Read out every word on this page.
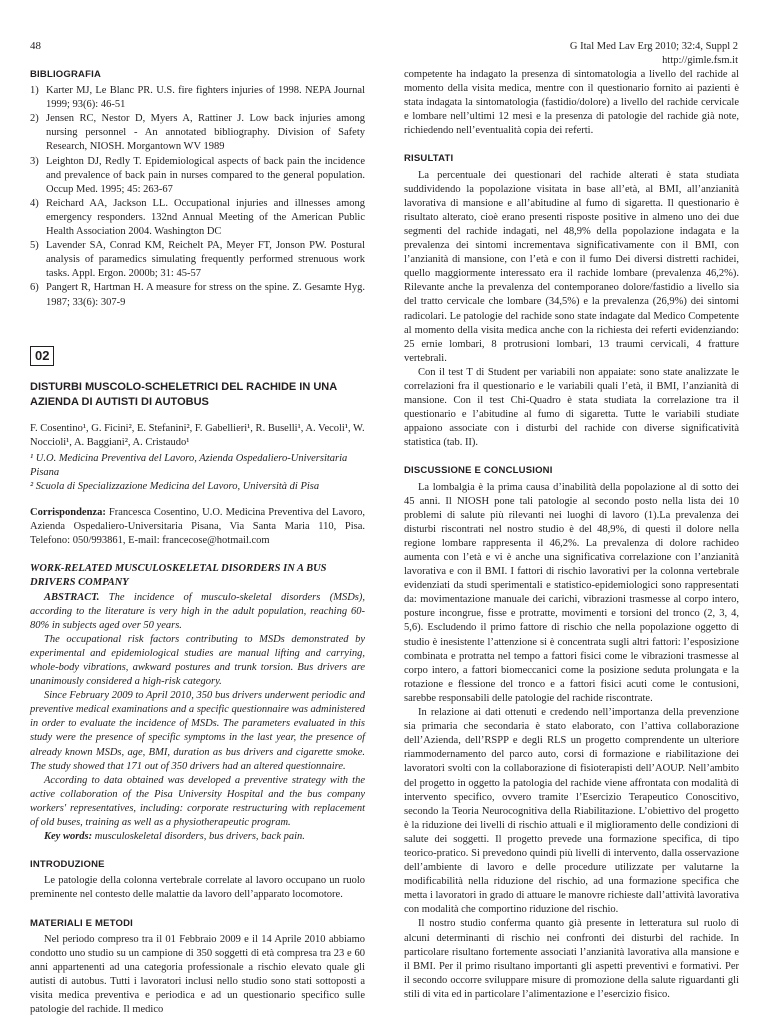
48	G Ital Med Lav Erg 2010; 32:4, Suppl 2
http://gimle.fsm.it
BIBLIOGRAFIA
1) Karter MJ, Le Blanc PR. U.S. fire fighters injuries of 1998. NEPA Journal 1999; 93(6): 46-51
2) Jensen RC, Nestor D, Myers A, Rattiner J. Low back injuries among nursing personnel - An annotated bibliography. Division of Safety Research, NIOSH. Morgantown WV 1989
3) Leighton DJ, Redly T. Epidemiological aspects of back pain the incidence and prevalence of back pain in nurses compared to the general population. Occup Med. 1995; 45: 263-67
4) Reichard AA, Jackson LL. Occupational injuries and illnesses among emergency responders. 132nd Annual Meeting of the American Public Health Association 2004. Washington DC
5) Lavender SA, Conrad KM, Reichelt PA, Meyer FT, Jonson PW. Postural analysis of paramedics simulating frequently performed strenuous work tasks. Appl. Ergon. 2000b; 31: 45-57
6) Pangert R, Hartman H. A measure for stress on the spine. Z. Gesamte Hyg. 1987; 33(6): 307-9
02
DISTURBI MUSCOLO-SCHELETRICI DEL RACHIDE IN UNA AZIENDA DI AUTISTI DI AUTOBUS
F. Cosentino¹, G. Ficini², E. Stefanini², F. Gabellieri¹, R. Buselli¹, A. Vecoli¹, W. Noccioli¹, A. Baggiani², A. Cristaudo¹
¹ U.O. Medicina Preventiva del Lavoro, Azienda Ospedaliero-Universitaria Pisana
² Scuola di Specializzazione Medicina del Lavoro, Università di Pisa

Corrispondenza: Francesca Cosentino, U.O. Medicina Preventiva del Lavoro, Azienda Ospedaliero-Universitaria Pisana, Via Santa Maria 110, Pisa. Telefono: 050/993861, E-mail: francecose@hotmail.com

WORK-RELATED MUSCULOSKELETAL DISORDERS IN A BUS DRIVERS COMPANY

ABSTRACT. The incidence of musculo-skeletal disorders (MSDs), according to the literature is very high in the adult population, reaching 60-80% in subjects aged over 50 years.

The occupational risk factors contributing to MSDs demonstrated by experimental and epidemiological studies are manual lifting and carrying, whole-body vibrations, awkward postures and trunk torsion. Bus drivers are unanimously considered a high-risk category.

Since February 2009 to April 2010, 350 bus drivers underwent periodic and preventive medical examinations and a specific questionnaire was administered in order to evaluate the incidence of MSDs. The parameters evaluated in this study were the presence of specific symptoms in the last year, the presence of already known MSDs, age, BMI, duration as bus drivers and cigarette smoke. The study showed that 171 out of 350 drivers had an altered questionnaire.

According to data obtained was developed a preventive strategy with the active collaboration of the Pisa University Hospital and the bus company workers' representatives, including: corporate restructuring with replacement of old buses, training as well as a physiotherapeutic program.

Key words: musculoskeletal disorders, bus drivers, back pain.

INTRODUZIONE

Le patologie della colonna vertebrale correlate al lavoro occupano un ruolo preminente nel contesto delle malattie da lavoro dell’apparato locomotore.

MATERIALI E METODI

Nel periodo compreso tra il 01 Febbraio 2009 e il 14 Aprile 2010 abbiamo condotto uno studio su un campione di 350 soggetti di età compresa tra 23 e 60 anni appartenenti ad una categoria professionale a rischio elevato quale gli autisti di autobus. Tutti i lavoratori inclusi nello studio sono stati sottoposti a visita medica preventiva e periodica e ad un questionario specifico sulle patologie del rachide. Il medico

competente ha indagato la presenza di sintomatologia a livello del rachide al momento della visita medica, mentre con il questionario fornito ai pazienti è stata indagata la sintomatologia (fastidio/dolore) a livello del rachide cervicale e lombare nell’ultimi 12 mesi e la presenza di patologie del rachide già note, richiedendo nell’eventualità copia dei referti.

RISULTATI

La percentuale dei questionari del rachide alterati è stata studiata suddividendo la popolazione visitata in base all’età, al BMI, all’anzianità lavorativa di mansione e all’abitudine al fumo di sigaretta. Il questionario è risultato alterato, cioè erano presenti risposte positive in almeno uno dei due segmenti del rachide indagati, nel 48,9% della popolazione indagata e la prevalenza dei sintomi incrementava significativamente con il BMI, con l’anzianità di mansione, con l’età e con il fumo Dei diversi distretti rachidei, quello maggiormente interessato era il rachide lombare (prevalenza 46,2%). Rilevante anche la prevalenza del contemporaneo dolore/fastidio a livello sia del tratto cervicale che lombare (34,5%) e la prevalenza (26,9%) dei sintomi radicolari. Le patologie del rachide sono state indagate dal Medico Competente al momento della visita medica anche con la richiesta dei referti evidenziando: 25 ernie lombari, 8 protrusioni lombari, 13 traumi cervicali, 4 fratture vertebrali.

Con il test T di Student per variabili non appaiate: sono state analizzate le correlazioni fra il questionario e le variabili quali l’età, il BMI, l’anzianità di mansione. Con il test Chi-Quadro è stata studiata la correlazione tra il questionario e l’abitudine al fumo di sigaretta. Tutte le variabili studiate appaiono associate con i disturbi del rachide con diverse significatività statistica (tab. II).

DISCUSSIONE E CONCLUSIONI

La lombalgia è la prima causa d’inabilità della popolazione al di sotto dei 45 anni. Il NIOSH pone tali patologie al secondo posto nella lista dei 10 problemi di salute più rilevanti nei luoghi di lavoro (1).La prevalenza dei disturbi riscontrati nel nostro studio è del 48,9%, di questi il dolore nella regione lombare rappresenta il 46,2%. La prevalenza di dolore rachideo aumenta con l’età e vi è anche una significativa correlazione con l’anzianità lavorativa e con il BMI. I fattori di rischio lavorativi per la colonna vertebrale evidenziati da studi sperimentali e statistico-epidemiologici sono rappresentati da: movimentazione manuale dei carichi, vibrazioni trasmesse al corpo intero, posture incongrue, fisse e protratte, movimenti e torsioni del tronco (2, 3, 4, 5,6). Escludendo il primo fattore di rischio che nella popolazione oggetto di studio è inesistente l’attenzione si è concentrata sugli altri fattori: l’esposizione combinata e protratta nel tempo a fattori fisici come le vibrazioni trasmesse al corpo intero, a fattori biomeccanici come la posizione seduta prolungata e la rotazione e flessione del tronco e a fattori fisici acuti come le contusioni, sarebbe responsabili delle patologie del rachide riscontrate.

In relazione ai dati ottenuti e credendo nell’importanza della prevenzione sia primaria che secondaria è stato elaborato, con l’attiva collaborazione dell’Azienda, dell’RSPP e degli RLS un progetto comprendente un ulteriore riammodernamento del parco auto, corsi di formazione e riabilitazione dei lavoratori svolti con la collaborazione di fisioterapisti dell’AOUP. Nell’ambito del progetto in oggetto la patologia del rachide viene affrontata con modalità di intervento specifico, ovvero tramite l’Esercizio Terapeutico Conoscitivo, secondo la Teoria Neurocognitiva della Riabilitazione. L’obiettivo del progetto è la riduzione dei livelli di rischio attuali e il miglioramento delle condizioni di salute dei soggetti. Il progetto prevede una formazione specifica, di tipo teorico-pratico. Si prevedono quindi più livelli di intervento, dalla osservazione dell’ambiente di lavoro e delle procedure utilizzate per valutarne la modificabilità nella riduzione del rischio, ad una formazione specifica che metta i lavoratori in grado di attuare le manovre richieste dall’attività lavorativa con modalità che comportino riduzione del rischio.

Il nostro studio conferma quanto già presente in letteratura sul ruolo di alcuni determinanti di rischio nei confronti dei disturbi del rachide. In particolare risultano fortemente associati l’anzianità lavorativa alla mansione e il BMI. Per il primo risultano importanti gli aspetti preventivi e formativi. Per il secondo occorre sviluppare misure di promozione della salute riguardanti gli stili di vita ed in particolare l’alimentazione e l’esercizio fisico.
